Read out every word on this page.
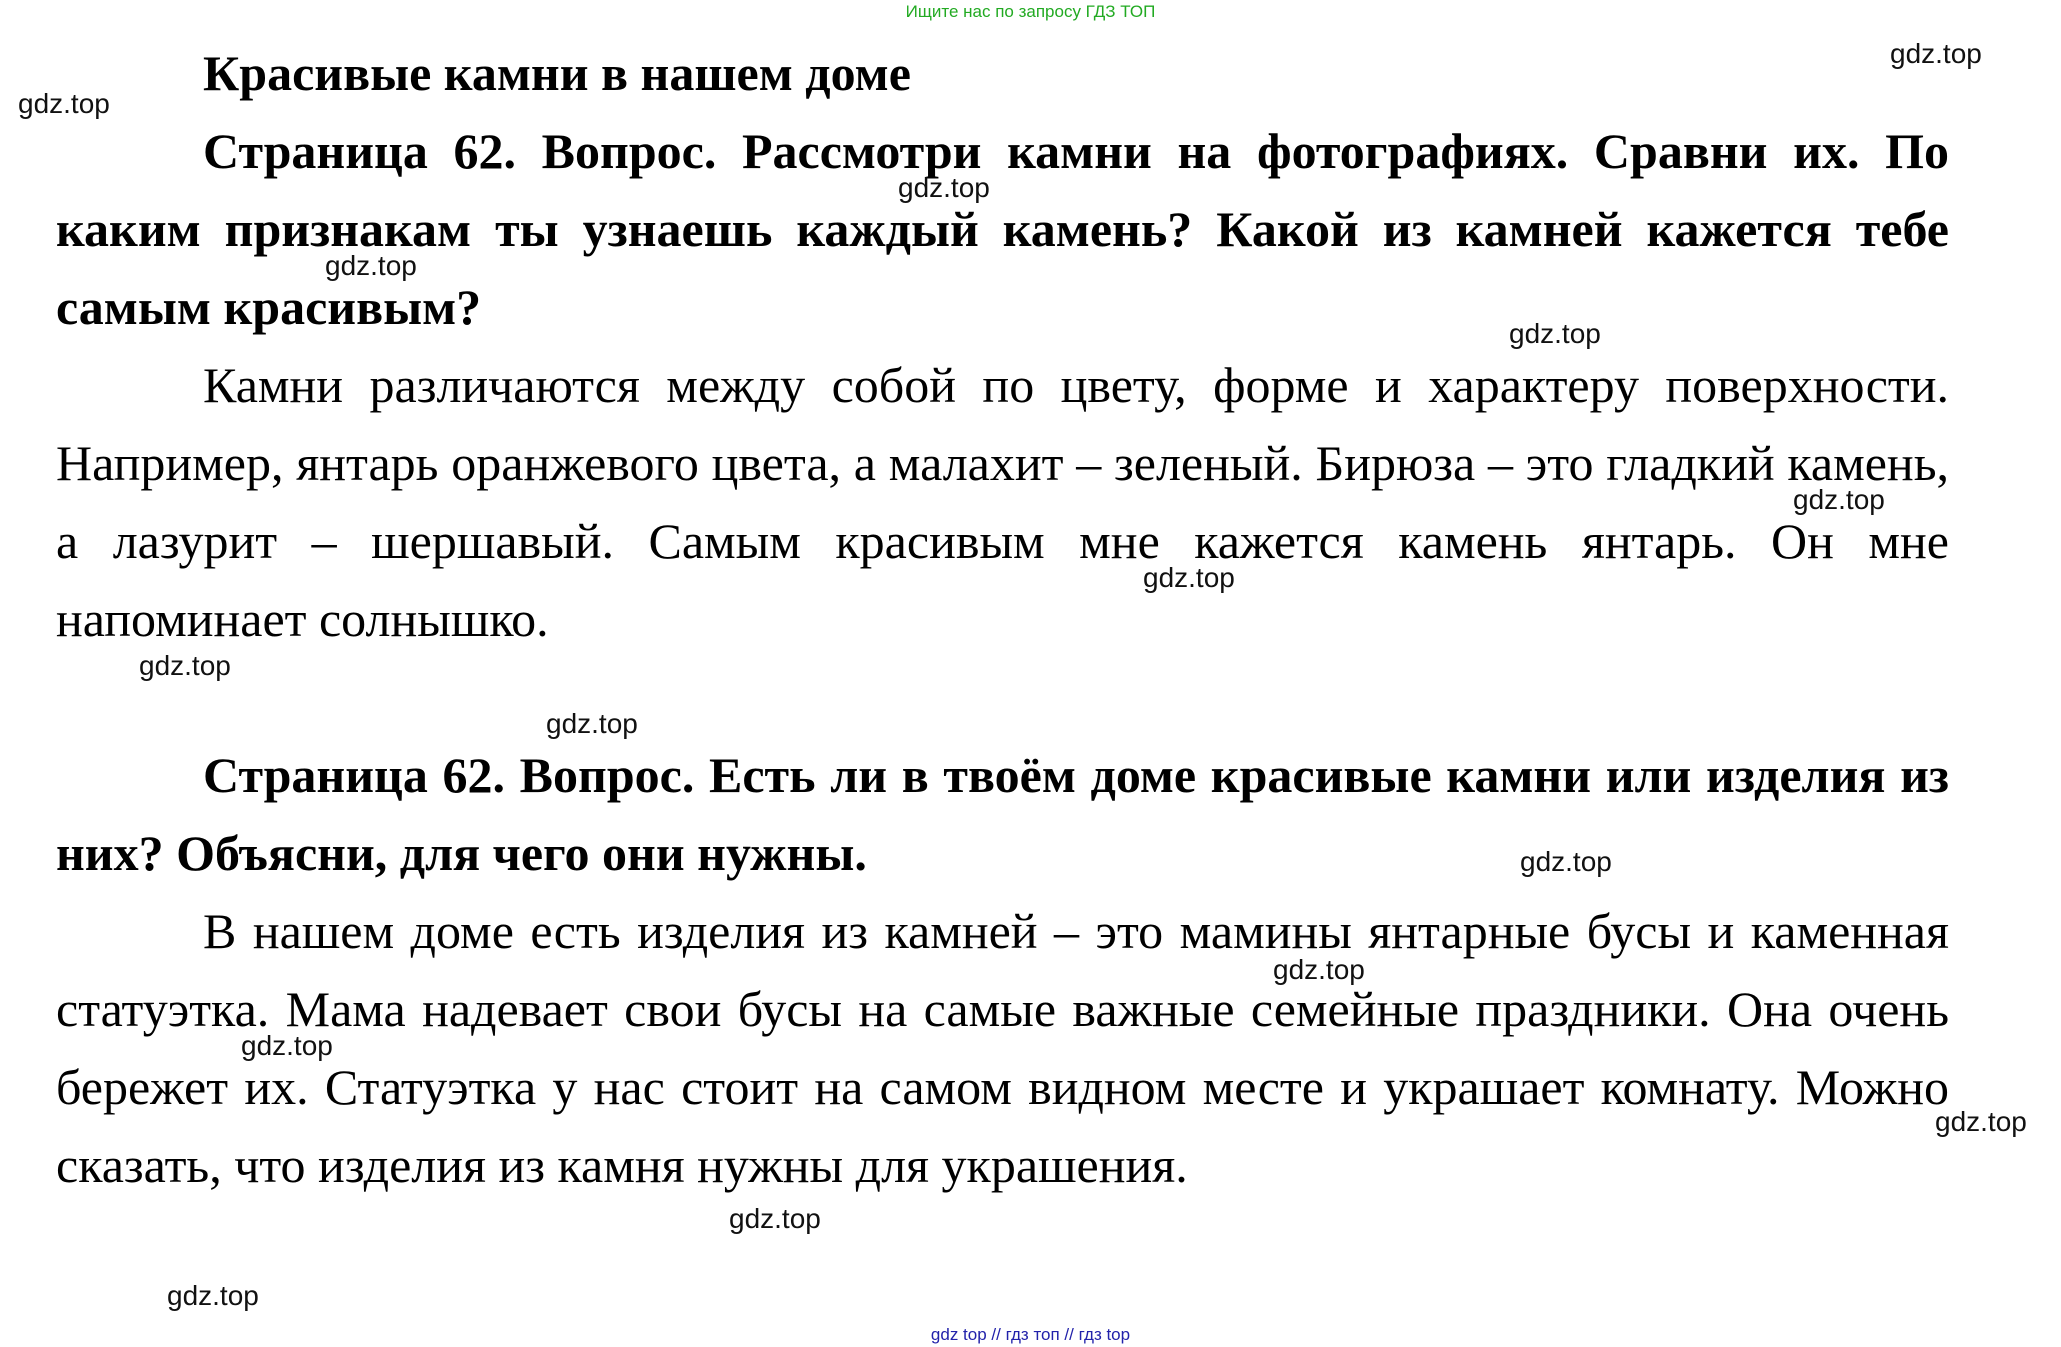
Ищите нас по запросу ГДЗ ТОП

Красивые камни в нашем доме

Страница 62. Вопрос. Рассмотри камни на фотографиях. Сравни их. По каким признакам ты узнаешь каждый камень? Какой из камней кажется тебе самым красивым?

Камни различаются между собой по цвету, форме и характеру поверхности. Например, янтарь оранжевого цвета, а малахит – зеленый. Бирюза – это гладкий камень, а лазурит – шершавый. Самым красивым мне кажется камень янтарь. Он мне напоминает солнышко.

Страница 62. Вопрос. Есть ли в твоём доме красивые камни или изделия из них? Объясни, для чего они нужны.

В нашем доме есть изделия из камней – это мамины янтарные бусы и каменная статуэтка. Мама надевает свои бусы на самые важные семейные праздники. Она очень бережет их. Статуэтка у нас стоит на самом видном месте и украшает комнату. Можно сказать, что изделия из камня нужны для украшения.

gdz.top
gdz.top
gdz.top
gdz.top
gdz.top
gdz.top
gdz.top
gdz.top
gdz.top
gdz.top
gdz.top
gdz.top
gdz.top
gdz.top
gdz.top
gdz top // гдз топ // гдз top
